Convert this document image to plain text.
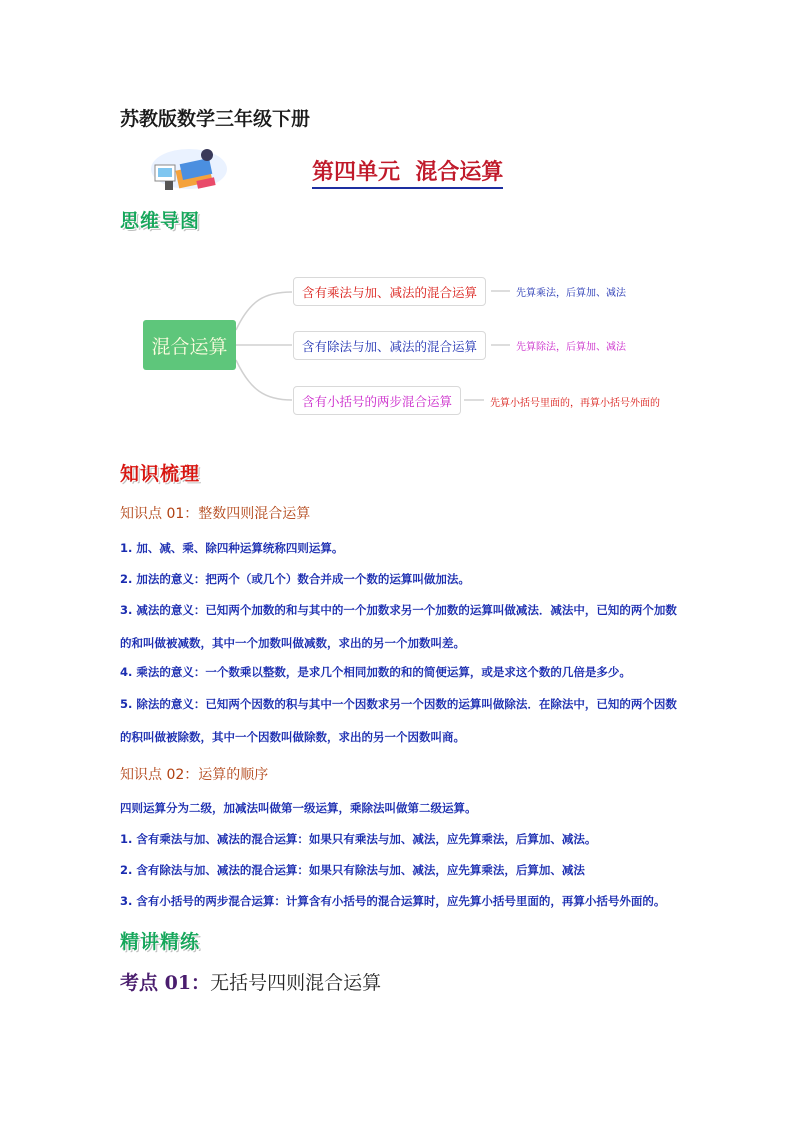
苏教版数学三年级下册
第四单元  混合运算
思维导图
混合运算
含有乘法与加、减法的混合运算
含有除法与加、减法的混合运算
含有小括号的两步混合运算
先算乘法，后算加、减法
先算除法，后算加、减法
先算小括号里面的，再算小括号外面的
知识梳理
知识点 01：整数四则混合运算
1. 加、减、乘、除四种运算统称四则运算。
2. 加法的意义：把两个（或几个）数合并成一个数的运算叫做加法。
3. 减法的意义：已知两个加数的和与其中的一个加数求另一个加数的运算叫做减法．减法中，已知的两个加数的和叫做被减数，其中一个加数叫做减数，求出的另一个加数叫差。
4. 乘法的意义：一个数乘以整数，是求几个相同加数的和的简便运算，或是求这个数的几倍是多少。
5. 除法的意义：已知两个因数的积与其中一个因数求另一个因数的运算叫做除法．在除法中，已知的两个因数的积叫做被除数，其中一个因数叫做除数，求出的另一个因数叫商。
知识点 02：运算的顺序
四则运算分为二级，加减法叫做第一级运算，乘除法叫做第二级运算。
1. 含有乘法与加、减法的混合运算：如果只有乘法与加、减法，应先算乘法，后算加、减法。
2. 含有除法与加、减法的混合运算：如果只有除法与加、减法，应先算乘法，后算加、减法
3. 含有小括号的两步混合运算：计算含有小括号的混合运算时，应先算小括号里面的，再算小括号外面的。
精讲精练
考点 01：无括号四则混合运算
